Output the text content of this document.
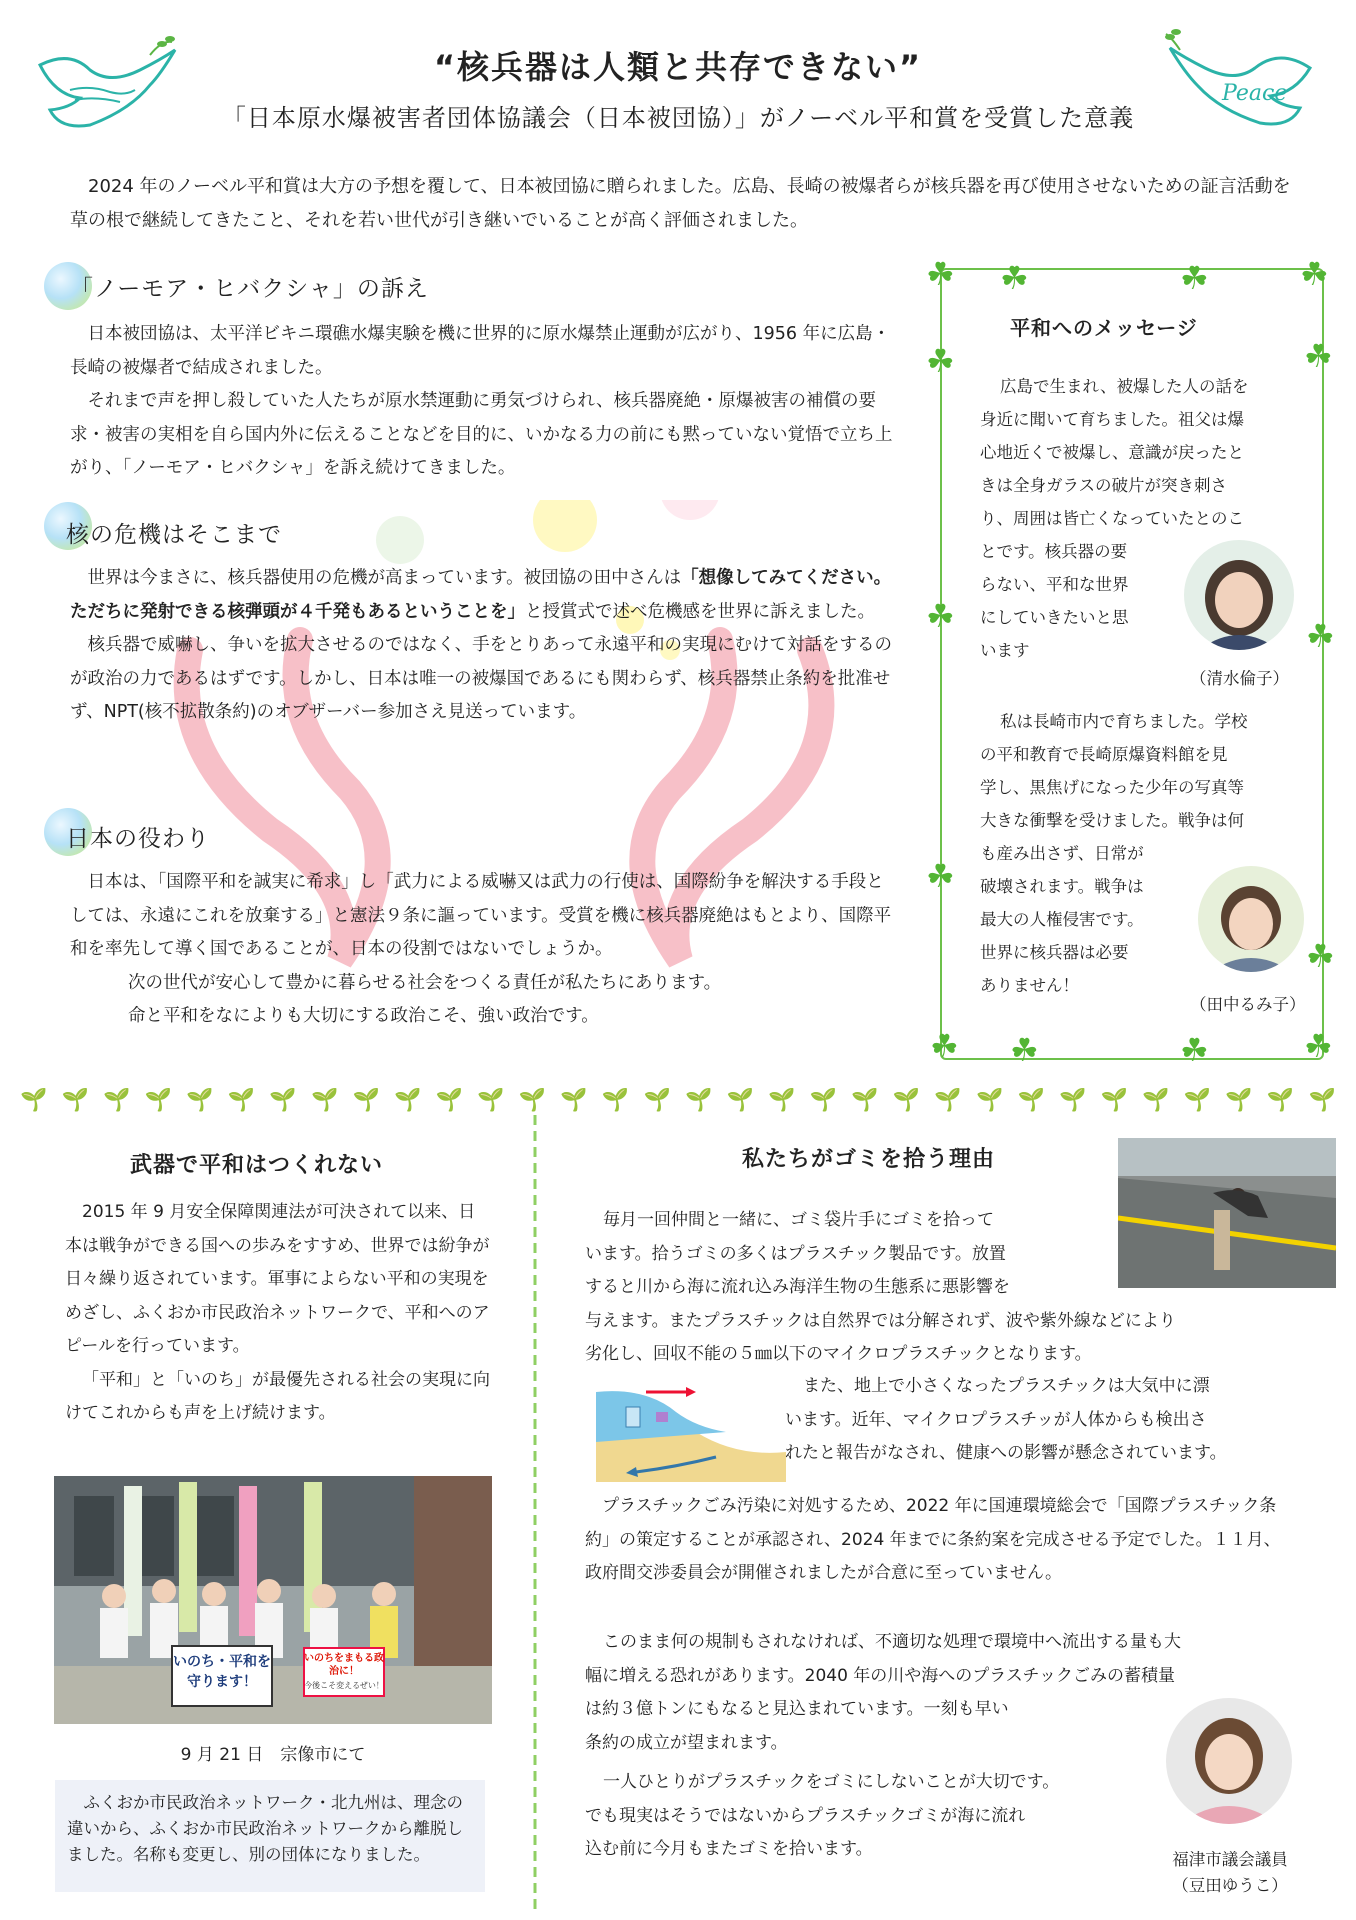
Peace
“核兵器は人類と共存できない”
「日本原水爆被害者団体協議会（日本被団協）」がノーベル平和賞を受賞した意義

2024 年のノーベル平和賞は大方の予想を覆して、日本被団協に贈られました。広島、長崎の被爆者らが核兵器を再び使用させないための証言活動を草の根で継続してきたこと、それを若い世代が引き継いでいることが高く評価されました。

「ノーモア・ヒバクシャ」の訴え

日本被団協は、太平洋ビキニ環礁水爆実験を機に世界的に原水爆禁止運動が広がり、1956 年に広島・長崎の被爆者で結成されました。

それまで声を押し殺していた人たちが原水禁運動に勇気づけられ、核兵器廃絶・原爆被害の補償の要求・被害の実相を自ら国内外に伝えることなどを目的に、いかなる力の前にも黙っていない覚悟で立ち上がり、「ノーモア・ヒバクシャ」を訴え続けてきました。

核の危機はそこまで

世界は今まさに、核兵器使用の危機が高まっています。被団協の田中さんは「想像してみてください。ただちに発射できる核弾頭が４千発もあるということを」と授賞式で述べ危機感を世界に訴えました。

核兵器で威嚇し、争いを拡大させるのではなく、手をとりあって永遠平和の実現にむけて対話をするのが政治の力であるはずです。しかし、日本は唯一の被爆国であるにも関わらず、核兵器禁止条約を批准せず、NPT(核不拡散条約)のオブザーバー参加さえ見送っています。

日本の役わり

日本は、「国際平和を誠実に希求」し「武力による威嚇又は武力の行使は、国際紛争を解決する手段としては、永遠にこれを放棄する」と憲法９条に謳っています。受賞を機に核兵器廃絶はもとより、国際平和を率先して導く国であることが、日本の役割ではないでしょうか。

次の世代が安心して豊かに暮らせる社会をつくる責任が私たちにあります。
命と平和をなによりも大切にする政治こそ、強い政治です。
☘ ☘	☘	☘
☘	☘
☘
☘
☘
☘
☘ ☘	☘	☘
平和へのメッセージ
広島で生まれ、被爆した人の話を
身近に聞いて育ちました。祖父は爆
心地近くで被爆し、意識が戻ったと
きは全身ガラスの破片が突き刺さ
り、周囲は皆亡くなっていたとのこ
とです。核兵器の要
らない、平和な世界
にしていきたいと思
います
（清水倫子）
私は長崎市内で育ちました。学校
の平和教育で長崎原爆資料館を見
学し、黒焦げになった少年の写真等
大きな衝撃を受けました。戦争は何
も産み出さず、日常が
破壊されます。戦争は
最大の人権侵害です。
世界に核兵器は必要
ありません！
（田中るみ子）
🌱 🌱 🌱 🌱 🌱 🌱 🌱 🌱 🌱 🌱 🌱 🌱 🌱 🌱 🌱 🌱 🌱 🌱 🌱 🌱 🌱 🌱 🌱 🌱 🌱 🌱 🌱 🌱 🌱 🌱 🌱 🌱
武器で平和はつくれない

2015 年 9 月安全保障関連法が可決されて以来、日本は戦争ができる国への歩みをすすめ、世界では紛争が日々繰り返されています。軍事によらない平和の実現をめざし、ふくおか市民政治ネットワークで、平和へのアピールを行っています。

「平和」と「いのち」が最優先される社会の実現に向けてこれからも声を上げ続けます。

いのち・平和を守ります！
いのちをまもる政治に！
今後こそ変えるぜい！
9 月 21 日　宗像市にて
ふくおか市民政治ネットワーク・北九州は、理念の違いから、ふくおか市民政治ネットワークから離脱しました。名称も変更し、別の団体になりました。
私たちがゴミを拾う理由
毎月一回仲間と一緒に、ゴミ袋片手にゴミを拾って
います。拾うゴミの多くはプラスチック製品です。放置
すると川から海に流れ込み海洋生物の生態系に悪影響を
与えます。またプラスチックは自然界では分解されず、波や紫外線などにより
劣化し、回収不能の５㎜以下のマイクロプラスチックとなります。
また、地上で小さくなったプラスチックは大気中に漂
います。近年、マイクロプラスチッが人体からも検出さ
れたと報告がなされ、健康への影響が懸念されています。

プラスチックごみ汚染に対処するため、2022 年に国連環境総会で「国際プラスチック条約」の策定することが承認され、2024 年までに条約案を完成させる予定でした。１１月、政府間交渉委員会が開催されましたが合意に至っていません。

このまま何の規制もされなければ、不適切な処理で環境中へ流出する量も大
幅に増える恐れがあります。2040 年の川や海へのプラスチックごみの蓄積量
は約３億トンにもなると見込まれています。一刻も早い
条約の成立が望まれます。
一人ひとりがプラスチックをゴミにしないことが大切です。
でも現実はそうではないからプラスチックゴミが海に流れ
込む前に今月もまたゴミを拾います。
福津市議会議員
（豆田ゆうこ）
